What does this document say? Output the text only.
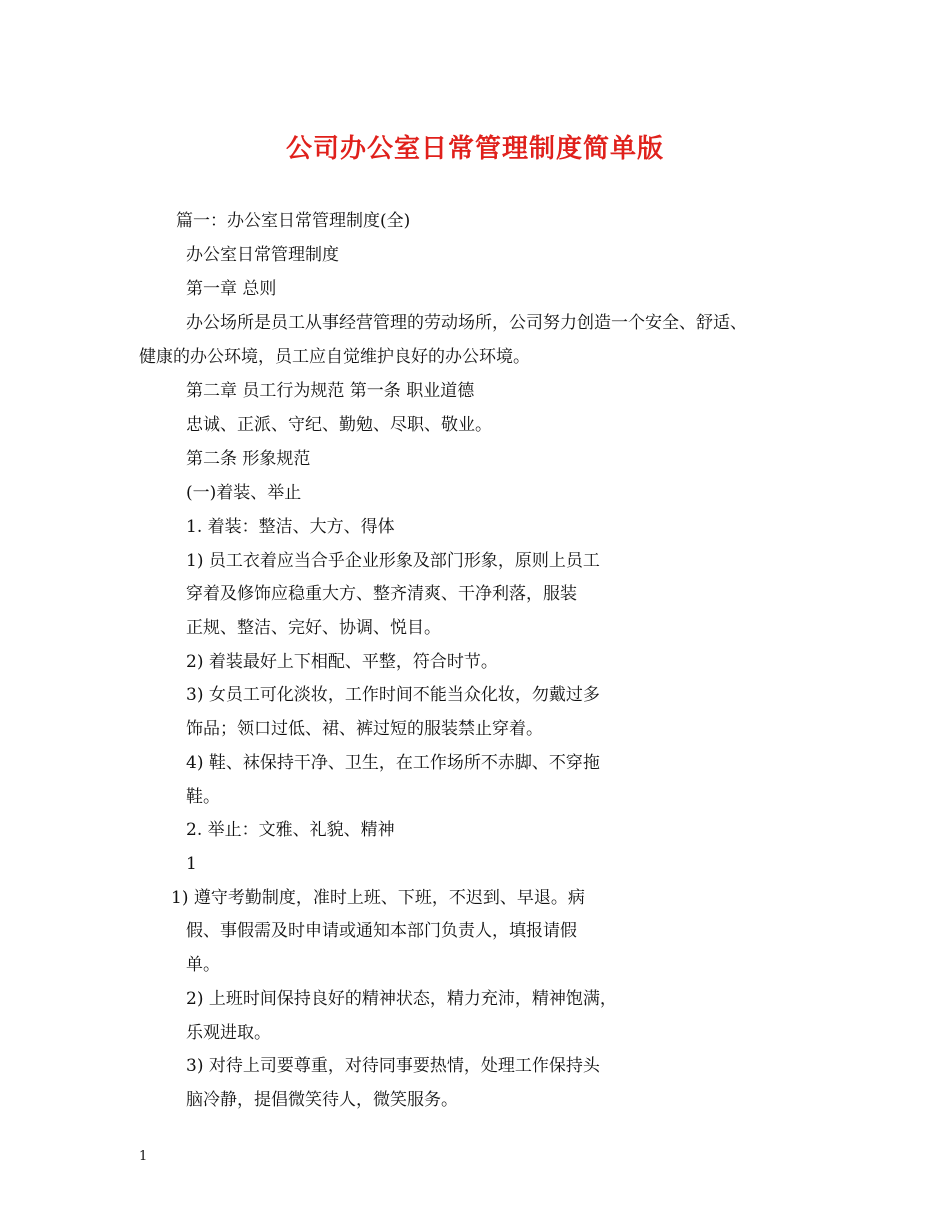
公司办公室日常管理制度简单版
篇一：办公室日常管理制度(全)
办公室日常管理制度
第一章 总则
办公场所是员工从事经营管理的劳动场所，公司努力创造一个安全、舒适、
健康的办公环境，员工应自觉维护良好的办公环境。
第二章 员工行为规范 第一条 职业道德
忠诚、正派、守纪、勤勉、尽职、敬业。
第二条 形象规范
(一)着装、举止
1. 着装：整洁、大方、得体
1) 员工衣着应当合乎企业形象及部门形象，原则上员工
穿着及修饰应稳重大方、整齐清爽、干净利落，服装
正规、整洁、完好、协调、悦目。
2) 着装最好上下相配、平整，符合时节。
3) 女员工可化淡妆，工作时间不能当众化妆，勿戴过多
饰品；领口过低、裙、裤过短的服装禁止穿着。
4) 鞋、袜保持干净、卫生，在工作场所不赤脚、不穿拖
鞋。
2. 举止：文雅、礼貌、精神
1
1) 遵守考勤制度，准时上班、下班，不迟到、早退。病
假、事假需及时申请或通知本部门负责人，填报请假
单。
2) 上班时间保持良好的精神状态，精力充沛，精神饱满，
乐观进取。
3) 对待上司要尊重，对待同事要热情，处理工作保持头
脑冷静，提倡微笑待人，微笑服务。
1
